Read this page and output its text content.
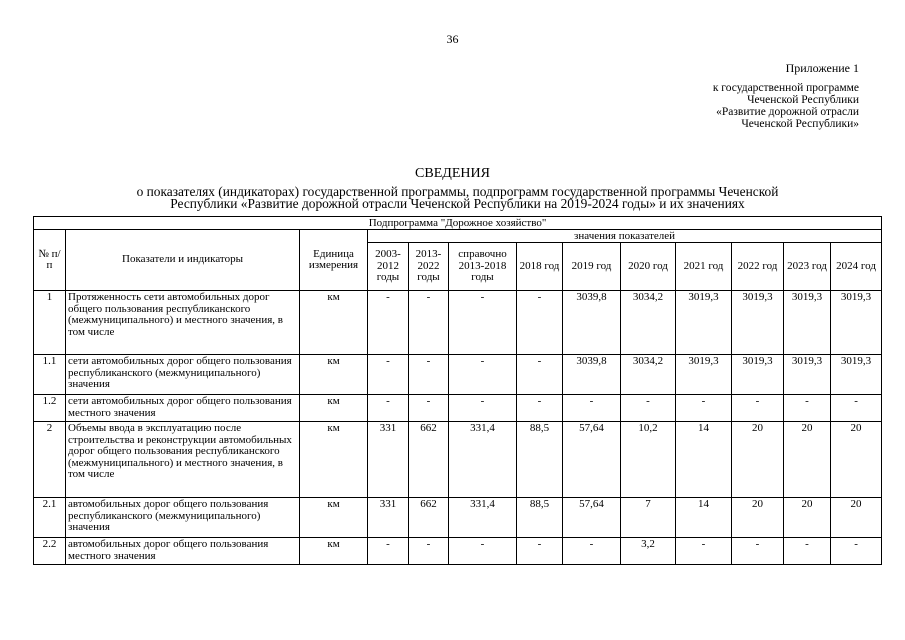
36
Приложение 1
к государственной программе
Чеченской Республики
«Развитие дорожной отрасли
Чеченской Республики»
СВЕДЕНИЯ
о показателях (индикаторах) государственной программы, подпрограмм государственной программы Чеченской
Республики «Развитие дорожной отрасли Чеченской Республики на 2019-2024 годы» и их значениях
Подпрограмма "Дорожное хозяйство"												
№ п/п	Показатели и индикаторы	Единица измерения	значения показателей									
			2003-2012 годы	2013-2022 годы	справочно 2013-2018 годы	2018 год	2019 год	2020 год	2021 год	2022 год	2023 год	2024 год
1	Протяженность сети автомобильных дорог общего пользования республиканского (межмуниципального) и местного значения, в том числе	км	-	-	-	-	3039,8	3034,2	3019,3	3019,3	3019,3	3019,3
1.1	сети автомобильных дорог общего пользования республиканского (межмуниципального) значения	км	-	-	-	-	3039,8	3034,2	3019,3	3019,3	3019,3	3019,3
1.2	сети автомобильных дорог общего пользования местного значения	км	-	-	-	-	-	-	-	-	-	-
2	Объемы ввода в эксплуатацию после строительства и реконструкции автомобильных дорог общего пользования республиканского (межмуниципального) и местного значения, в том числе	км	331	662	331,4	88,5	57,64	10,2	14	20	20	20
2.1	автомобильных дорог общего пользования республиканского (межмуниципального) значения	км	331	662	331,4	88,5	57,64	7	14	20	20	20
2.2	автомобильных дорог общего пользования местного значения	км	-	-	-	-	-	3,2	-	-	-	-
